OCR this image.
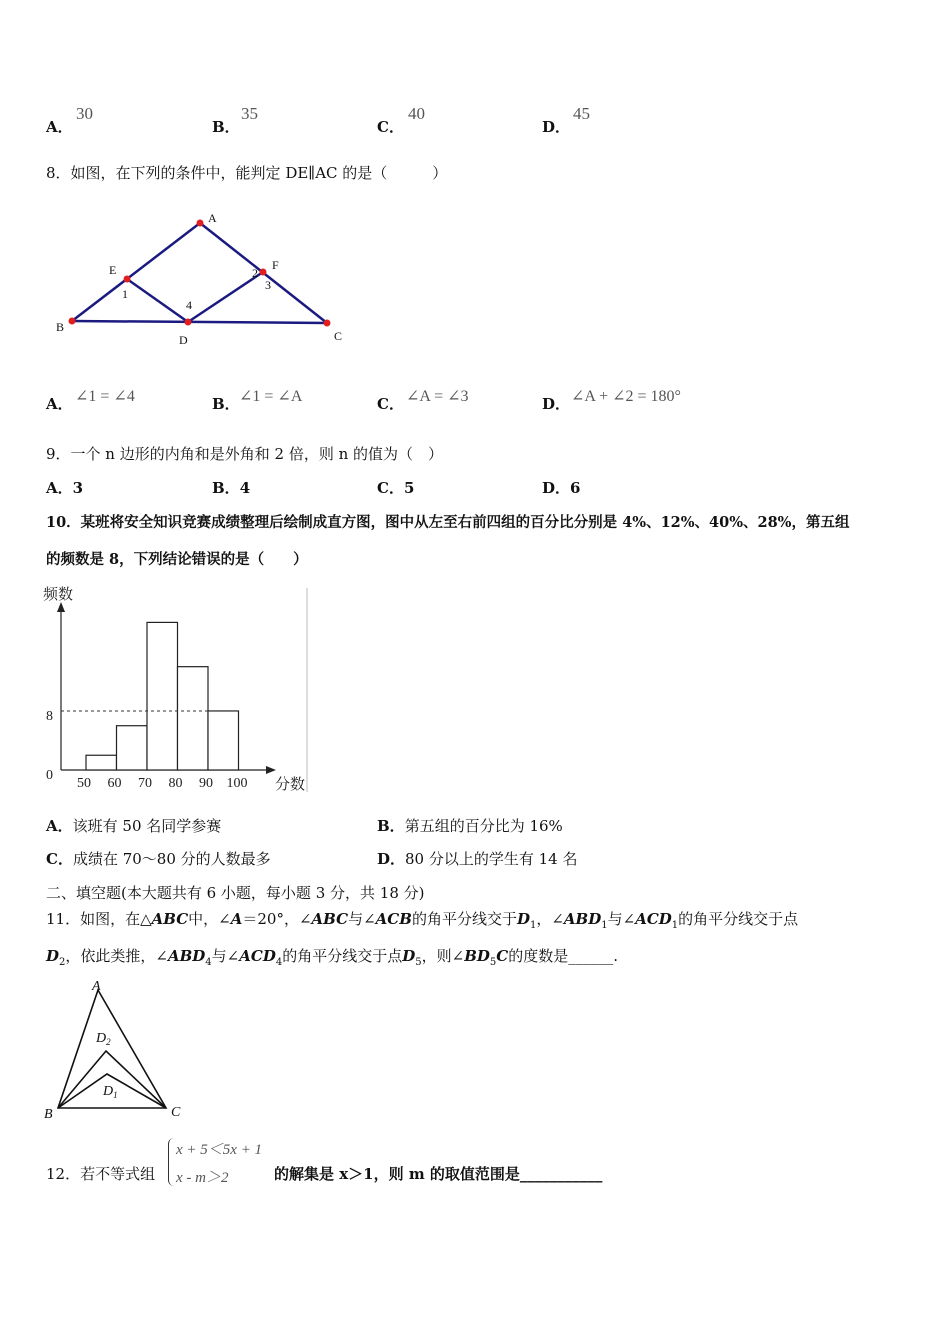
A．
30
B．
35
C．
40
D．
45
8．如图，在下列的条件中，能判定 DE∥AC 的是（　　　）
A
E	F
B
D	C
1
2
3
4
A． ∠1 = ∠4	B． ∠1 = ∠A	C． ∠A = ∠3	D． ∠A + ∠2 = 180°
9．一个 n 边形的内角和是外角和 2 倍，则 n 的值为（　）
A．3	B．4	C．5	D．6
10．某班将安全知识竞赛成绩整理后绘制成直方图，图中从左至右前四组的百分比分别是 4%、12%、40%、28%，第五组
的频数是 8，下列结论错误的是（　　）
频数
分数
0
8
50 60 70 80 90 100
A．该班有 50 名同学参赛	B．第五组的百分比为 16%
C．成绩在 70～80 分的人数最多	D．80 分以上的学生有 14 名
二、填空题(本大题共有 6 小题，每小题 3 分，共 18 分)
11．如图，在△ABC中，∠A＝20°，∠ABC与∠ACB的角平分线交于$D_1$，$\angle ABD_1$与$\angle ACD_1$的角平分线交于点
$D_2$，依此类推，$\angle ABD_4$与$\angle ACD_4$的角平分线交于点$D_5$，则$\angle BD_5C$的度数是______.
A
B	C
$D_2$
$D_1$
12．若不等式组
x + 5＜5x + 1
x - m＞2	的解集是 x＞1，则 m 的取值范围是___________
